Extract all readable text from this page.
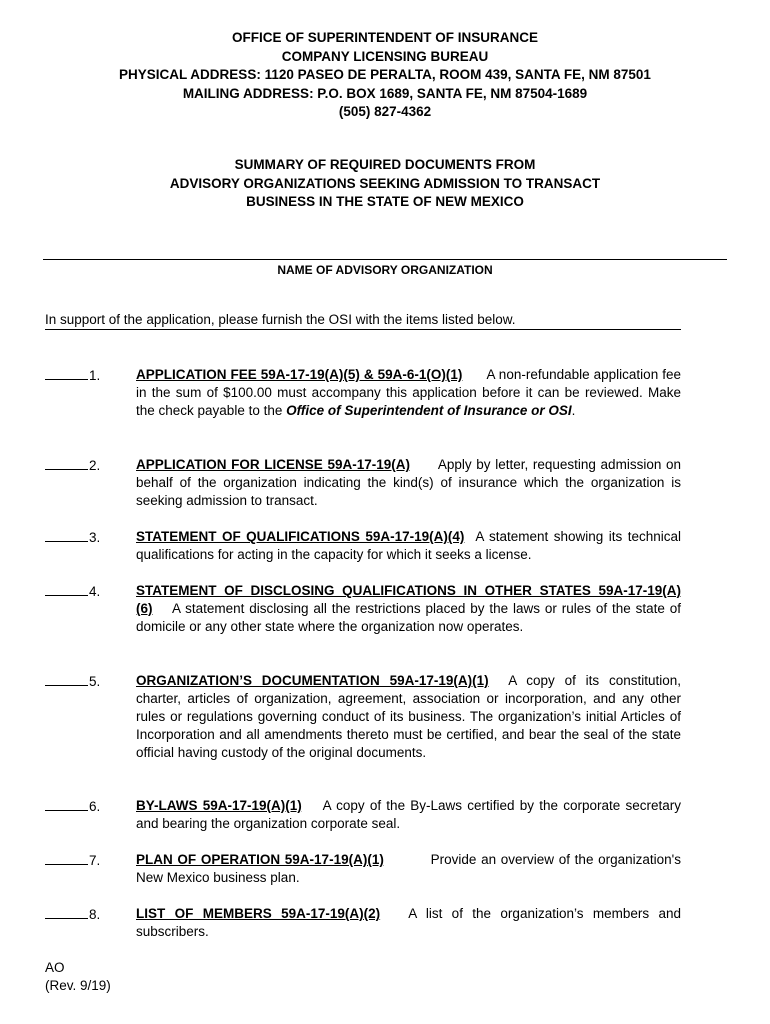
OFFICE OF SUPERINTENDENT OF INSURANCE
COMPANY LICENSING BUREAU
PHYSICAL ADDRESS: 1120 PASEO DE PERALTA, ROOM 439, SANTA FE, NM 87501
MAILING ADDRESS: P.O. BOX 1689, SANTA FE, NM 87504-1689
(505) 827-4362
SUMMARY OF REQUIRED DOCUMENTS FROM
ADVISORY ORGANIZATIONS SEEKING ADMISSION TO TRANSACT
BUSINESS IN THE STATE OF NEW MEXICO
NAME OF ADVISORY ORGANIZATION
In support of the application, please furnish the OSI with the items listed below.
1.	APPLICATION FEE 59A-17-19(A)(5) & 59A-6-1(O)(1) A non-refundable application fee in the sum of $100.00 must accompany this application before it can be reviewed. Make the check payable to the Office of Superintendent of Insurance or OSI.
2.	APPLICATION FOR LICENSE 59A-17-19(A) Apply by letter, requesting admission on behalf of the organization indicating the kind(s) of insurance which the organization is seeking admission to transact.
3.	STATEMENT OF QUALIFICATIONS 59A-17-19(A)(4) A statement showing its technical qualifications for acting in the capacity for which it seeks a license.
4.	STATEMENT OF DISCLOSING QUALIFICATIONS IN OTHER STATES 59A-17-19(A)(6) A statement disclosing all the restrictions placed by the laws or rules of the state of domicile or any other state where the organization now operates.
5.	ORGANIZATION’S DOCUMENTATION 59A-17-19(A)(1) A copy of its constitution, charter, articles of organization, agreement, association or incorporation, and any other rules or regulations governing conduct of its business. The organization’s initial Articles of Incorporation and all amendments thereto must be certified, and bear the seal of the state official having custody of the original documents.
6.	BY-LAWS 59A-17-19(A)(1) A copy of the By-Laws certified by the corporate secretary and bearing the organization corporate seal.
7.	PLAN OF OPERATION 59A-17-19(A)(1)	Provide an overview of the organization's New Mexico business plan.
8.	LIST OF MEMBERS 59A-17-19(A)(2) A list of the organization’s members and subscribers.
AO
(Rev. 9/19)
